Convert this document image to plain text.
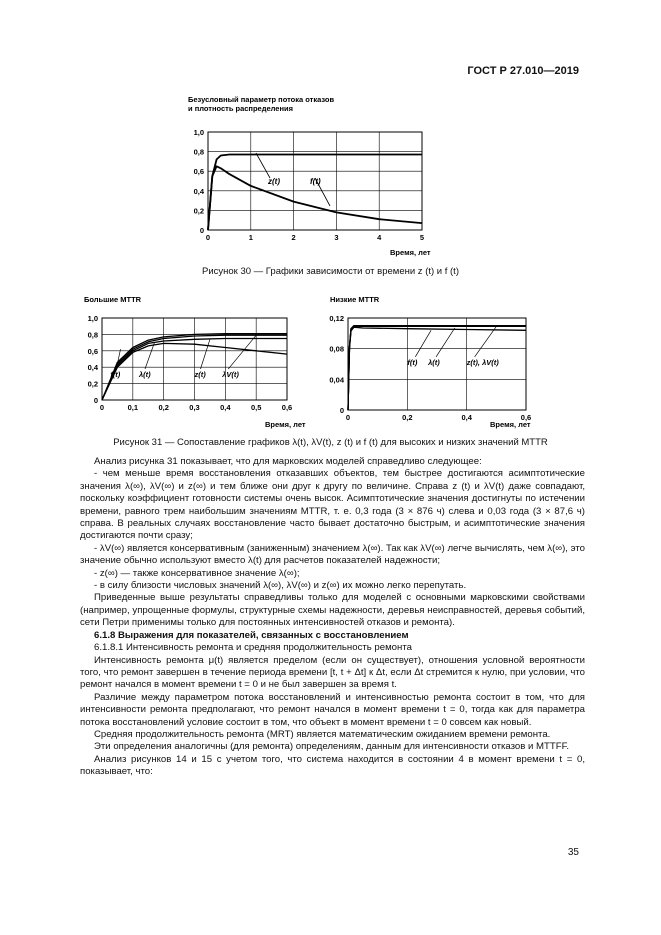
ГОСТ Р 27.010—2019
Безусловный параметр потока отказов
и плотность распределения
1,0
0,8
0,6
0,4
0,2
0
0	1	2	3	4	5
z(t)	f(t)
Время, лет
Рисунок 30 — Графики зависимости от времени z (t) и f (t)
Большие MTTR
1,0
0,8
0,6
0,4
0,2
0
0	0,1	0,2	0,3	0,4	0,5	0,6
f(t) λ(t)	z(t) λV(t)
Время, лет
Низкие MTTR
0,12
0,08
0,04
0
0	0,2	0,4	0,6
f(t) λ(t)	z(t), λV(t)
Время, лет
Рисунок 31 — Сопоставление графиков λ(t), λV(t), z (t) и f (t) для высоких и низких значений MTTR

Анализ рисунка 31 показывает, что для марковских моделей справедливо следующее:

- чем меньше время восстановления отказавших объектов, тем быстрее достигаются асимптотические значения λ(∞), λV(∞) и z(∞) и тем ближе они друг к другу по величине. Справа z (t) и λV(t) даже совпадают, поскольку коэффициент готовности системы очень высок. Асимптотические значения достигнуты по истечении времени, равного трем наибольшим значениям MTTR, т. е. 0,3 года (3 × 876 ч) слева и 0,03 года (3 × 87,6 ч) справа. В реальных случаях восстановление часто бывает достаточно быстрым, и асимптотические значения достигаются почти сразу;

- λV(∞) является консервативным (заниженным) значением λ(∞). Так как λV(∞) легче вычислять, чем λ(∞), это значение обычно используют вместо λ(t) для расчетов показателей надежности;

- z(∞) — также консервативное значение λ(∞);

- в силу близости числовых значений λ(∞), λV(∞) и z(∞) их можно легко перепутать.

Приведенные выше результаты справедливы только для моделей с основными марковскими свойствами (например, упрощенные формулы, структурные схемы надежности, деревья неисправностей, деревья событий, сети Петри применимы только для постоянных интенсивностей отказов и ремонта).

6.1.8 Выражения для показателей, связанных с восстановлением

6.1.8.1 Интенсивность ремонта и средняя продолжительность ремонта

Интенсивность ремонта μ(t) является пределом (если он существует), отношения условной вероятности того, что ремонт завершен в течение периода времени [t, t + Δt] к Δt, если Δt стремится к нулю, при условии, что ремонт начался в момент времени t = 0 и не был завершен за время t.

Различие между параметром потока восстановлений и интенсивностью ремонта состоит в том, что для интенсивности ремонта предполагают, что ремонт начался в момент времени t = 0, тогда как для параметра потока восстановлений условие состоит в том, что объект в момент времени t = 0 совсем как новый.

Средняя продолжительность ремонта (MRT) является математическим ожиданием времени ремонта.

Эти определения аналогичны (для ремонта) определениям, данным для интенсивности отказов и MTTFF.

Анализ рисунков 14 и 15 с учетом того, что система находится в состоянии 4 в момент времени t = 0, показывает, что:

35
